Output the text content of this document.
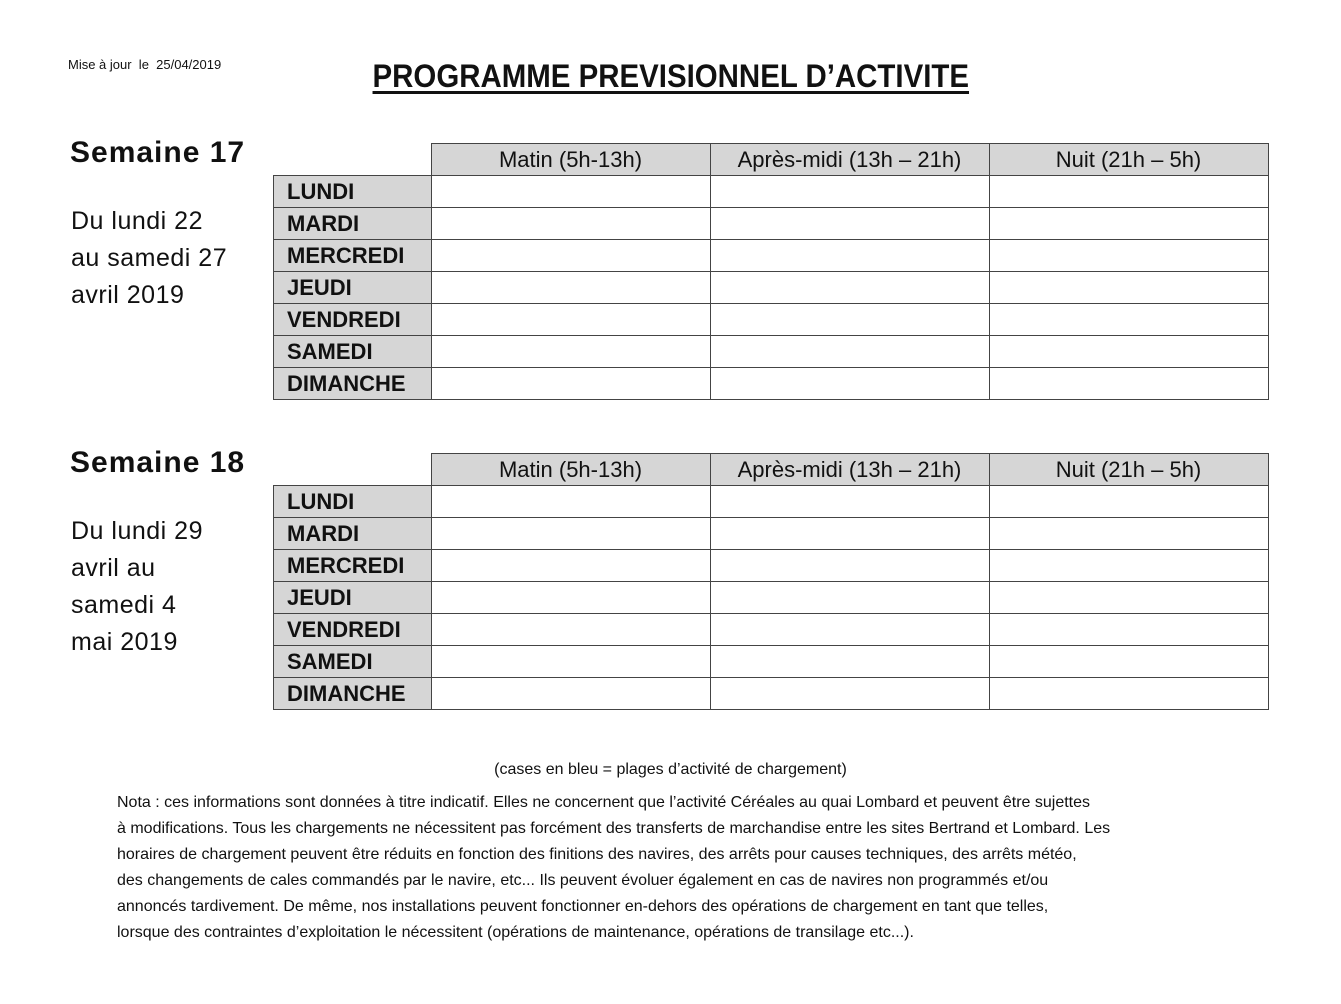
Mise à jour  le  25/04/2019	PROGRAMME PREVISIONNEL D’ACTIVITE
Semaine 17
Du lundi 22
au samedi 27
avril 2019
	Matin (5h-13h)	Après-midi (13h – 21h)	Nuit (21h – 5h)
LUNDI			
MARDI			
MERCREDI			
JEUDI			
VENDREDI			
SAMEDI			
DIMANCHE			
Semaine 18
Du lundi 29
avril au
samedi 4
mai 2019
	Matin (5h-13h)	Après-midi (13h – 21h)	Nuit (21h – 5h)
LUNDI			
MARDI			
MERCREDI			
JEUDI			
VENDREDI			
SAMEDI			
DIMANCHE			
(cases en bleu = plages d’activité de chargement)
Nota : ces informations sont données à titre indicatif. Elles ne concernent que l’activité Céréales au quai Lombard et peuvent être sujettes
à modifications. Tous les chargements ne nécessitent pas forcément des transferts de marchandise entre les sites Bertrand et Lombard. Les
horaires de chargement peuvent être réduits en fonction des finitions des navires, des arrêts pour causes techniques, des arrêts météo,
des changements de cales commandés par le navire, etc... Ils peuvent évoluer également en cas de navires non programmés et/ou
annoncés tardivement. De même, nos installations peuvent fonctionner en-dehors des opérations de chargement en tant que telles,
lorsque des contraintes d’exploitation le nécessitent (opérations de maintenance, opérations de transilage etc...).
